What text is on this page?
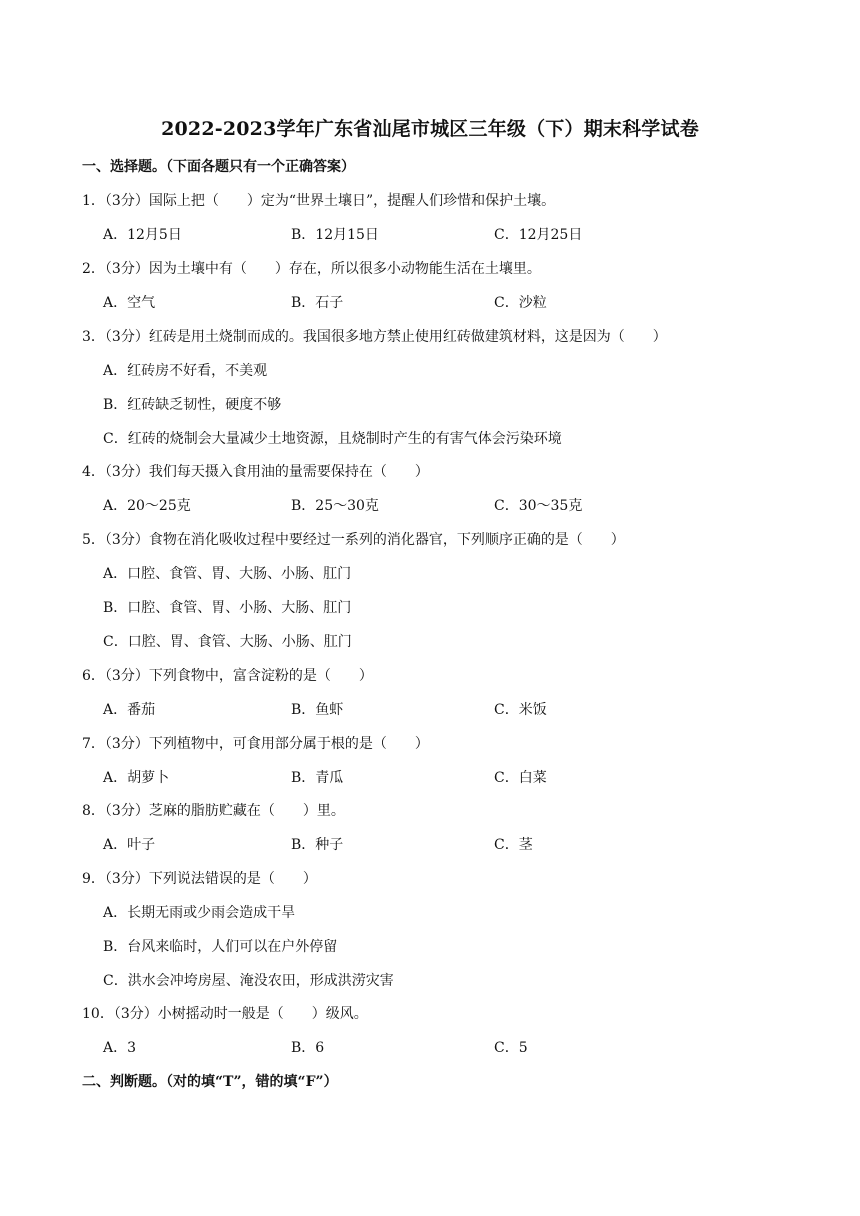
2022-2023学年广东省汕尾市城区三年级（下）期末科学试卷
一、选择题。（下面各题只有一个正确答案）
1．（3分）国际上把（　　）定为“世界土壤日”，提醒人们珍惜和保护土壤。
A．12月5日	B．12月15日	C．12月25日
2．（3分）因为土壤中有（　　）存在，所以很多小动物能生活在土壤里。
A．空气	B．石子	C．沙粒
3．（3分）红砖是用土烧制而成的。我国很多地方禁止使用红砖做建筑材料，这是因为（　　）
A．红砖房不好看，不美观
B．红砖缺乏韧性，硬度不够
C．红砖的烧制会大量减少土地资源，且烧制时产生的有害气体会污染环境
4．（3分）我们每天摄入食用油的量需要保持在（　　）
A．20～25克	B．25～30克	C．30～35克
5．（3分）食物在消化吸收过程中要经过一系列的消化器官，下列顺序正确的是（　　）
A．口腔、食管、胃、大肠、小肠、肛门
B．口腔、食管、胃、小肠、大肠、肛门
C．口腔、胃、食管、大肠、小肠、肛门
6．（3分）下列食物中，富含淀粉的是（　　）
A．番茄	B．鱼虾	C．米饭
7．（3分）下列植物中，可食用部分属于根的是（　　）
A．胡萝卜	B．青瓜	C．白菜
8．（3分）芝麻的脂肪贮藏在（　　）里。
A．叶子	B．种子	C．茎
9．（3分）下列说法错误的是（　　）
A．长期无雨或少雨会造成干旱
B．台风来临时，人们可以在户外停留
C．洪水会冲垮房屋、淹没农田，形成洪涝灾害
10．（3分）小树摇动时一般是（　　）级风。
A．3	B．6	C．5
二、判断题。（对的填“T”，错的填“F”）
